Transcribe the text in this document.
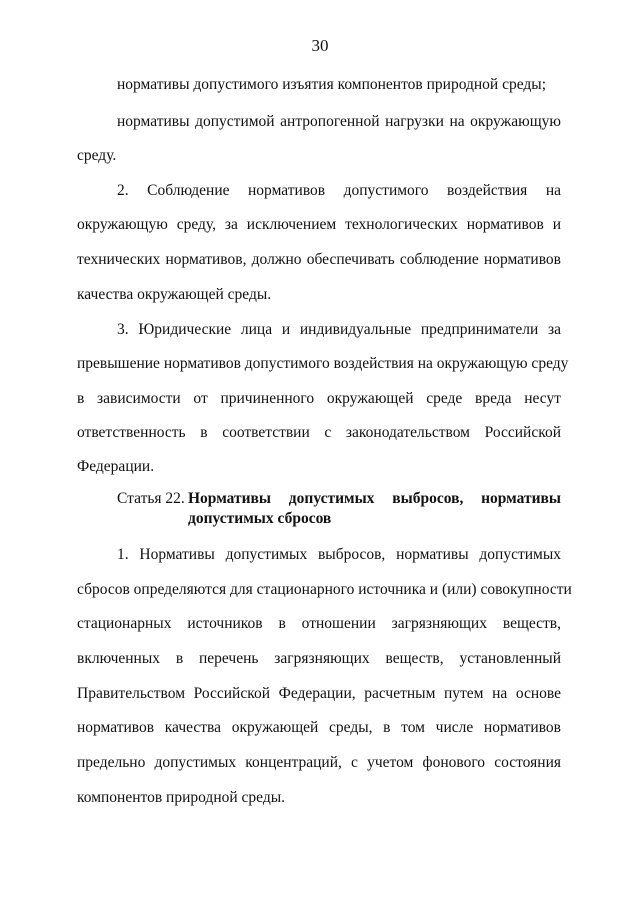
30
нормативы допустимого изъятия компонентов природной среды;
нормативы допустимой антропогенной нагрузки на окружающую
среду.
2. Соблюдение нормативов допустимого воздействия на
окружающую среду, за исключением технологических нормативов и
технических нормативов, должно обеспечивать соблюдение нормативов
качества окружающей среды.
3. Юридические лица и индивидуальные предприниматели за
превышение нормативов допустимого воздействия на окружающую среду
в зависимости от причиненного окружающей среде вреда несут
ответственность в соответствии с законодательством Российской
Федерации.
Статья 22. Нормативы допустимых выбросов, нормативы
допустимых сбросов
1. Нормативы допустимых выбросов, нормативы допустимых
сбросов определяются для стационарного источника и (или) совокупности
стационарных источников в отношении загрязняющих веществ,
включенных в перечень загрязняющих веществ, установленный
Правительством Российской Федерации, расчетным путем на основе
нормативов качества окружающей среды, в том числе нормативов
предельно допустимых концентраций, с учетом фонового состояния
компонентов природной среды.
